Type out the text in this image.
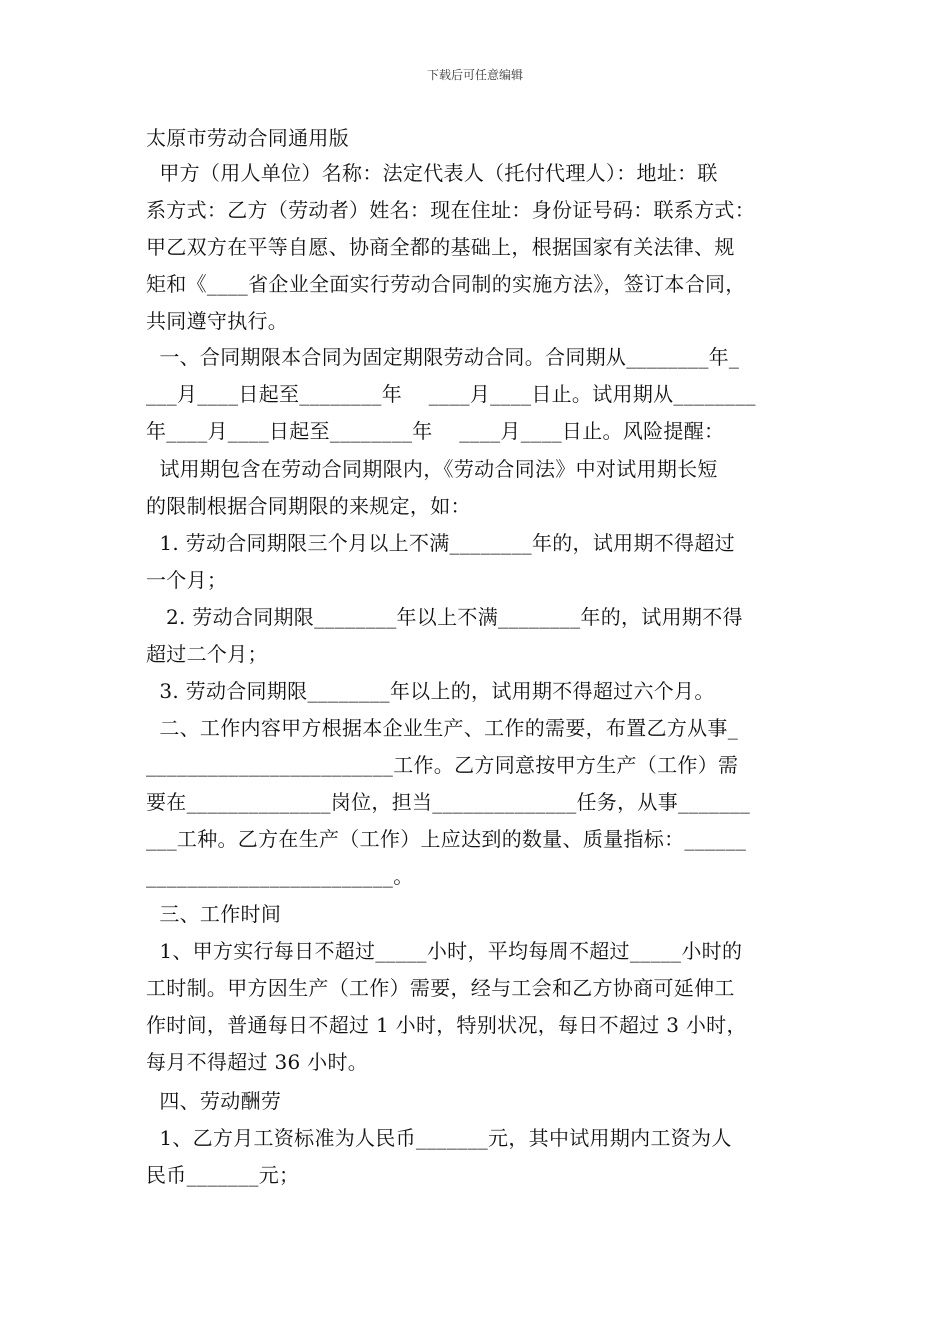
下载后可任意编辑
太原市劳动合同通用版
甲方（用人单位）名称：法定代表人（托付代理人）：地址：联
系方式：乙方（劳动者）姓名：现在住址：身份证号码：联系方式：
甲乙双方在平等自愿、协商全都的基础上，根据国家有关法律、规
矩和《____省企业全面实行劳动合同制的实施方法》，签订本合同，
共同遵守执行。
一、合同期限本合同为固定期限劳动合同。合同期从________年_
___月____日起至________年    ____月____日止。试用期从________
年____月____日起至________年    ____月____日止。风险提醒：
试用期包含在劳动合同期限内，《劳动合同法》中对试用期长短
的限制根据合同期限的来规定，如：
1. 劳动合同期限三个月以上不满________年的，试用期不得超过
一个月；
2. 劳动合同期限________年以上不满________年的，试用期不得
超过二个月；
3. 劳动合同期限________年以上的，试用期不得超过六个月。
二、工作内容甲方根据本企业生产、工作的需要，布置乙方从事_
________________________工作。乙方同意按甲方生产（工作）需
要在______________岗位，担当______________任务，从事_______
___工种。乙方在生产（工作）上应达到的数量、质量指标：______
________________________。
三、工作时间
1、甲方实行每日不超过_____小时，平均每周不超过_____小时的
工时制。甲方因生产（工作）需要，经与工会和乙方协商可延伸工
作时间，普通每日不超过 1 小时，特别状况，每日不超过 3 小时，
每月不得超过 36 小时。
四、劳动酬劳
1、乙方月工资标准为人民币_______元，其中试用期内工资为人
民币_______元；
